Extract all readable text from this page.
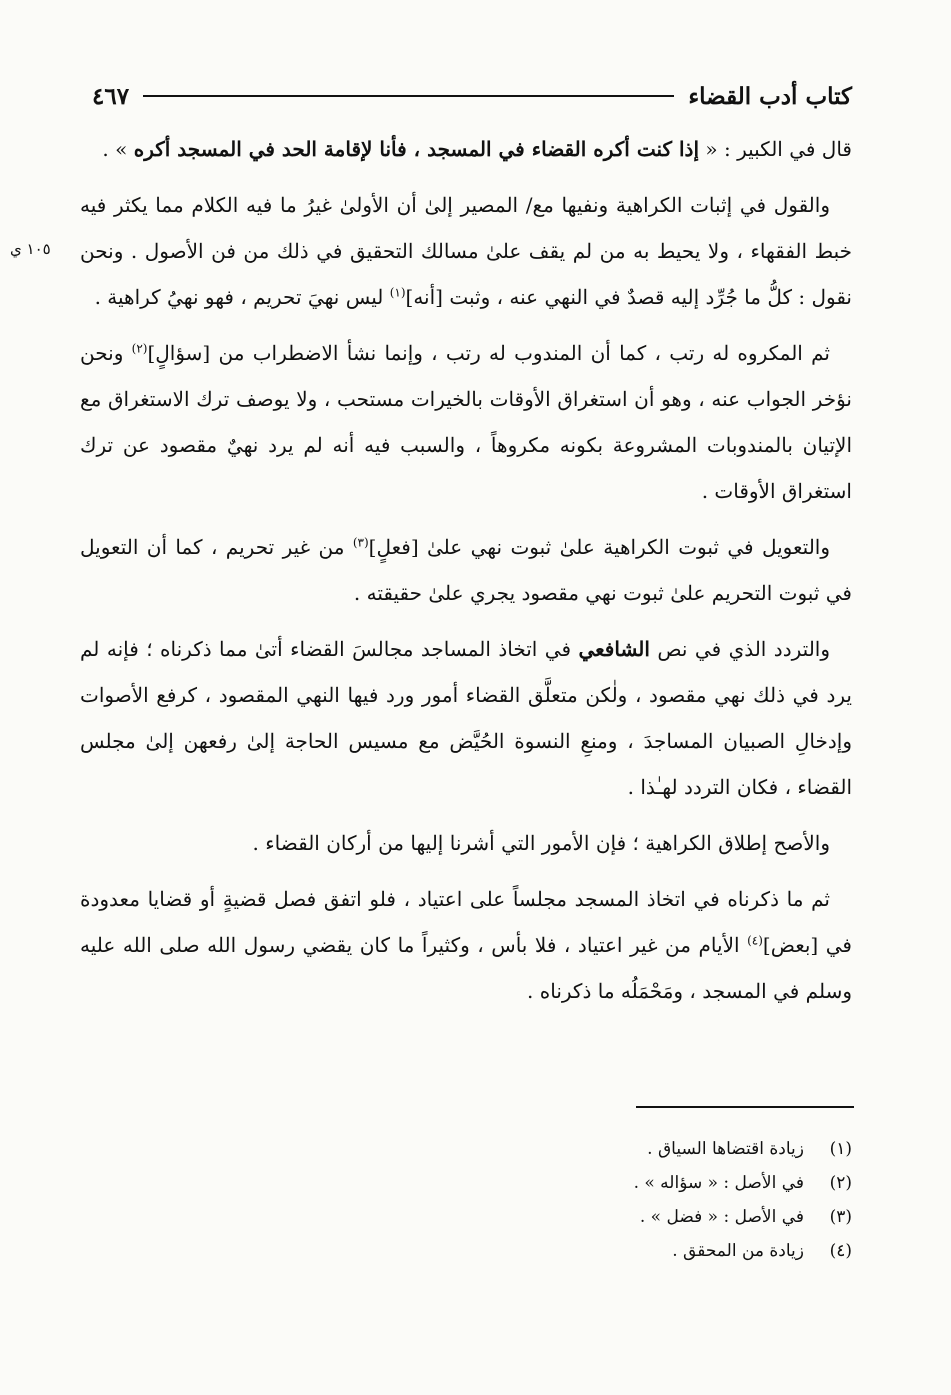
كتاب أدب القضاء
٤٦٧
١٠٥ ي

قال في الكبير : « إذا كنت أكره القضاء في المسجد ، فأنا لإقامة الحد في المسجد أكره » .

والقول في إثبات الكراهية ونفيها مع/ المصير إلىٰ أن الأولىٰ غيرُ ما فيه الكلام مما يكثر فيه خبط الفقهاء ، ولا يحيط به من لم يقف علىٰ مسالك التحقيق في ذلك من فن الأصول . ونحن نقول : كلُّ ما جُرِّد إليه قصدٌ في النهي عنه ، وثبت [أنه]$^{(١)}$ ليس نهيَ تحريم ، فهو نهيُ كراهية .

ثم المكروه له رتب ، كما أن المندوب له رتب ، وإنما نشأ الاضطراب من [سؤالٍ]$^{(٢)}$ ونحن نؤخر الجواب عنه ، وهو أن استغراق الأوقات بالخيرات مستحب ، ولا يوصف ترك الاستغراق مع الإتيان بالمندوبات المشروعة بكونه مكروهاً ، والسبب فيه أنه لم يرد نهيٌ مقصود عن ترك استغراق الأوقات .

والتعويل في ثبوت الكراهية علىٰ ثبوت نهي علىٰ [فعلٍ]$^{(٣)}$ من غير تحريم ، كما أن التعويل في ثبوت التحريم علىٰ ثبوت نهي مقصود يجري علىٰ حقيقته .

والتردد الذي في نص الشافعي في اتخاذ المساجد مجالسَ القضاء أتىٰ مما ذكرناه ؛ فإنه لم يرد في ذلك نهي مقصود ، ولٰكن متعلَّق القضاء أمور ورد فيها النهي المقصود ، كرفع الأصوات وإدخالِ الصبيان المساجدَ ، ومنعِ النسوة الحُيَّض مع مسيس الحاجة إلىٰ رفعهن إلىٰ مجلس القضاء ، فكان التردد لهـٰذا .

والأصح إطلاق الكراهية ؛ فإن الأمور التي أشرنا إليها من أركان القضاء .

ثم ما ذكرناه في اتخاذ المسجد مجلساً على اعتياد ، فلو اتفق فصل قضيةٍ أو قضايا معدودة في [بعض]$^{(٤)}$ الأيام من غير اعتياد ، فلا بأس ، وكثيراً ما كان يقضي رسول الله صلى الله عليه وسلم في المسجد ، ومَحْمَلُه ما ذكرناه .

(١)
زيادة اقتضاها السياق .
(٢)
في الأصل : « سؤاله » .
(٣)
في الأصل : « فضل » .
(٤)
زيادة من المحقق .
